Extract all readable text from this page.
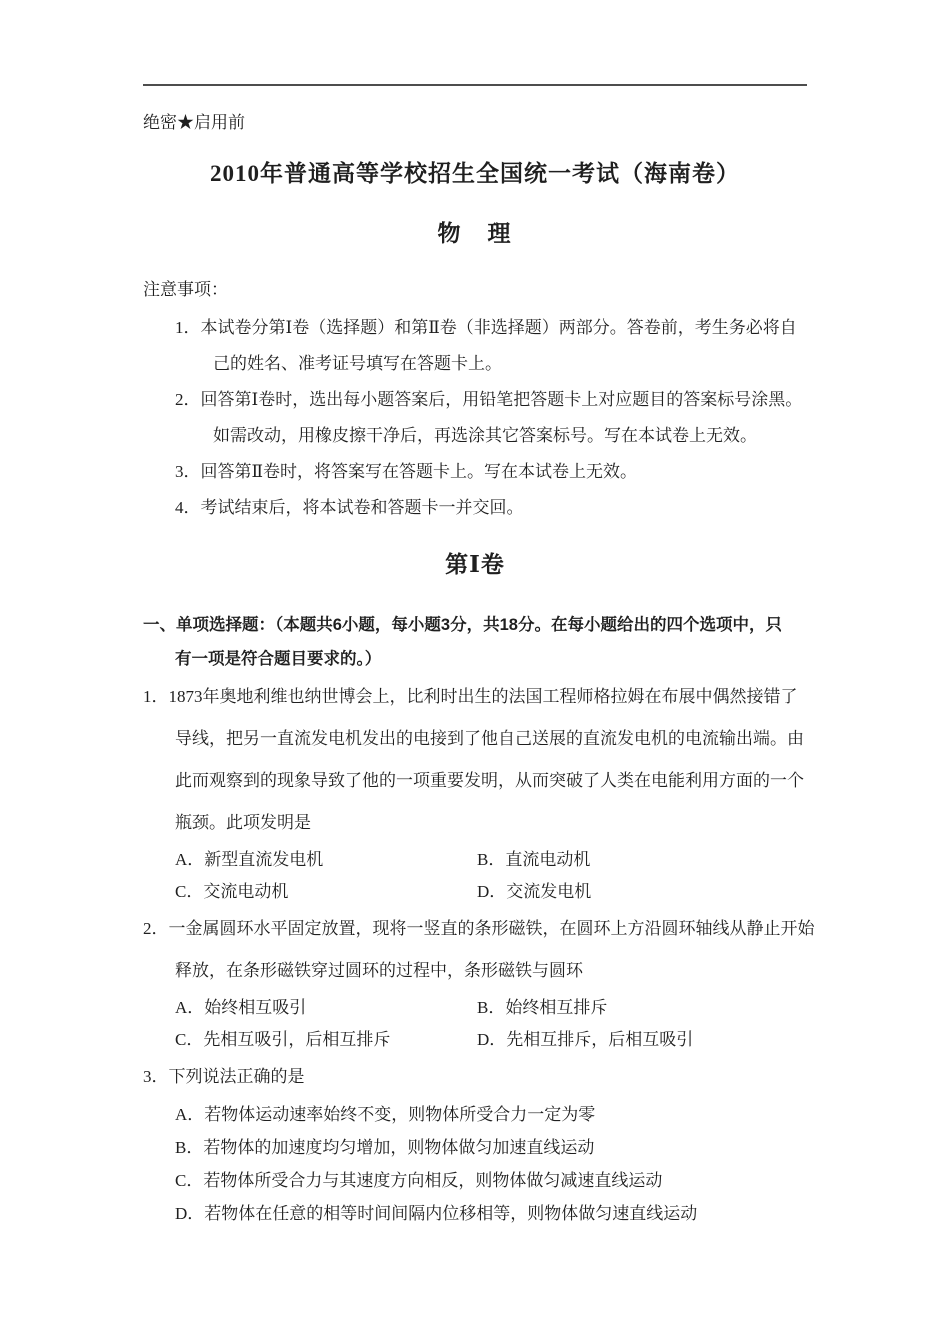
绝密★启用前
2010年普通高等学校招生全国统一考试（海南卷）
物　理
注意事项：
1．本试卷分第Ⅰ卷（选择题）和第Ⅱ卷（非选择题）两部分。答卷前，考生务必将自
己的姓名、准考证号填写在答题卡上。
2．回答第Ⅰ卷时，选出每小题答案后，用铅笔把答题卡上对应题目的答案标号涂黑。
如需改动，用橡皮擦干净后，再选涂其它答案标号。写在本试卷上无效。
3．回答第Ⅱ卷时，将答案写在答题卡上。写在本试卷上无效。
4．考试结束后，将本试卷和答题卡一并交回。
第Ⅰ卷
一、单项选择题：（本题共6小题，每小题3分，共18分。在每小题给出的四个选项中，只
有一项是符合题目要求的。）
1．1873年奥地利维也纳世博会上，比利时出生的法国工程师格拉姆在布展中偶然接错了
导线，把另一直流发电机发出的电接到了他自己送展的直流发电机的电流输出端。由
此而观察到的现象导致了他的一项重要发明，从而突破了人类在电能利用方面的一个
瓶颈。此项发明是
A．新型直流发电机	B．直流电动机
C．交流电动机	D．交流发电机
2．一金属圆环水平固定放置，现将一竖直的条形磁铁，在圆环上方沿圆环轴线从静止开始
释放，在条形磁铁穿过圆环的过程中，条形磁铁与圆环
A．始终相互吸引	B．始终相互排斥
C．先相互吸引，后相互排斥	D．先相互排斥，后相互吸引
3．下列说法正确的是
A．若物体运动速率始终不变，则物体所受合力一定为零
B．若物体的加速度均匀增加，则物体做匀加速直线运动
C．若物体所受合力与其速度方向相反，则物体做匀减速直线运动
D．若物体在任意的相等时间间隔内位移相等，则物体做匀速直线运动
